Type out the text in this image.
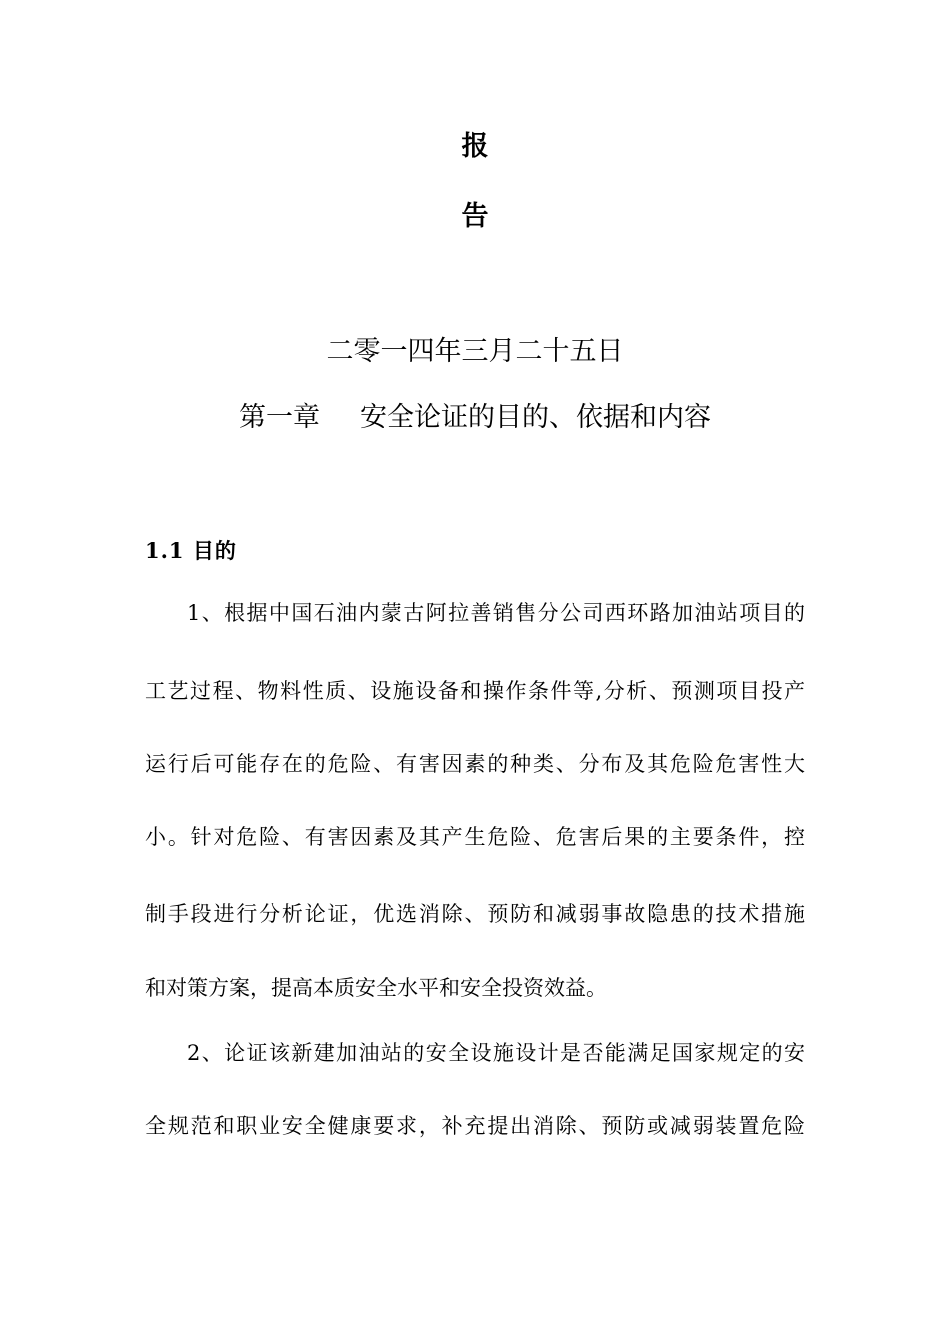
报
告
二零一四年三月二十五日
第一章 安全论证的目的、依据和内容
1.1 目的
1、根据中国石油内蒙古阿拉善销售分公司西环路加油站项目的
工艺过程、物料性质、设施设备和操作条件等,分析、预测项目投产
运行后可能存在的危险、有害因素的种类、分布及其危险危害性大
小。针对危险、有害因素及其产生危险、危害后果的主要条件，控
制手段进行分析论证，优选消除、预防和减弱事故隐患的技术措施
和对策方案，提高本质安全水平和安全投资效益。
2、论证该新建加油站的安全设施设计是否能满足国家规定的安
全规范和职业安全健康要求，补充提出消除、预防或减弱装置危险
